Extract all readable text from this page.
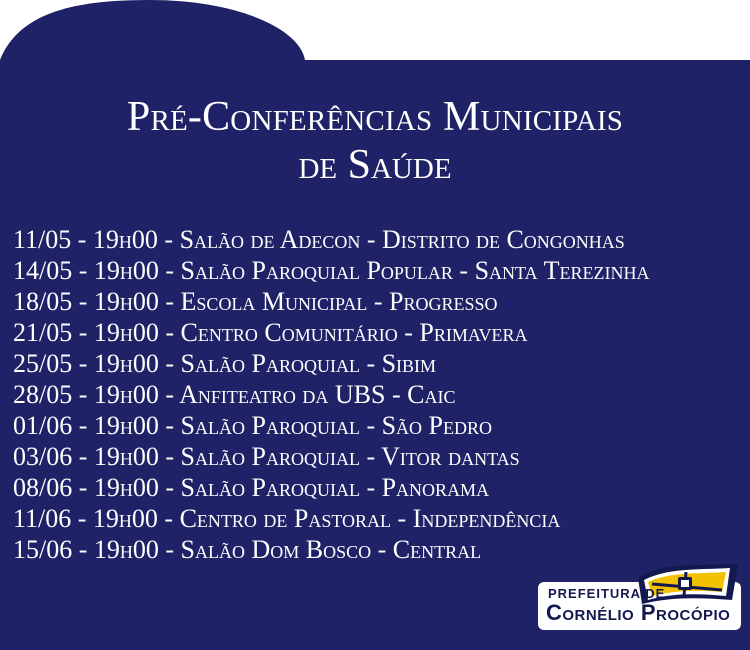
Pré-Conferências Municipais
de Saúde
11/05 - 19h00 - Salão de Adecon - Distrito de Congonhas
14/05 - 19h00 - Salão Paroquial Popular - Santa Terezinha
18/05 - 19h00 - Escola Municipal - Progresso
21/05 - 19h00 - Centro Comunitário - Primavera
25/05 - 19h00 - Salão Paroquial - Sibim
28/05 - 19h00 - Anfiteatro da UBS - Caic
01/06 - 19h00 - Salão Paroquial - São Pedro
03/06 - 19h00 - Salão Paroquial - Vitor dantas
08/06 - 19h00 - Salão Paroquial - Panorama
11/06 - 19h00 - Centro de Pastoral - Independência
15/06 - 19h00 - Salão Dom Bosco - Central
PREFEITURA DE
Cornélio Procópio
